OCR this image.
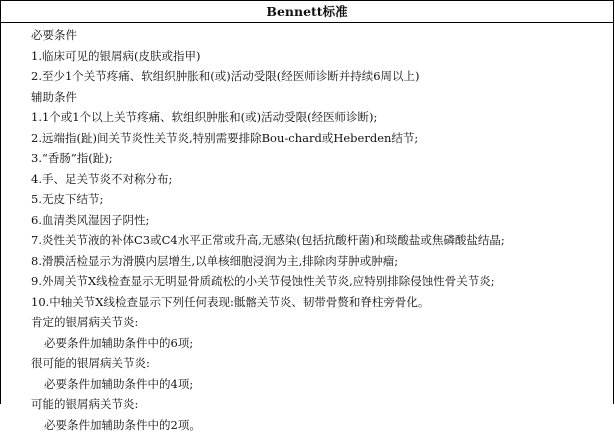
Bennett标准
必要条件
1.临床可见的银屑病(皮肤或指甲)
2.至少1个关节疼痛、软组织肿胀和(或)活动受限(经医师诊断并持续6周以上)
辅助条件
1.1个或1个以上关节疼痛、软组织肿胀和(或)活动受限(经医师诊断);
2.远端指(趾)间关节炎性关节炎,特别需要排除Bou-chard或Heberden结节;
3.“香肠”指(趾);
4.手、足关节炎不对称分布;
5.无皮下结节;
6.血清类风湿因子阴性;
7.炎性关节液的补体C3或C4水平正常或升高,无感染(包括抗酸杆菌)和琰酸盐或焦磷酸盐结晶;
8.滑膜活检显示为滑膜内层增生,以单核细胞浸润为主,排除肉芽肿或肿瘤;
9.外周关节X线检查显示无明显骨质疏松的小关节侵蚀性关节炎,应特别排除侵蚀性骨关节炎;
10.中轴关节X线检查显示下列任何表现:骶髂关节炎、韧带骨赘和脊柱旁骨化。
肯定的银屑病关节炎:
必要条件加辅助条件中的6项;
很可能的银屑病关节炎:
必要条件加辅助条件中的4项;
可能的银屑病关节炎:
必要条件加辅助条件中的2项。
